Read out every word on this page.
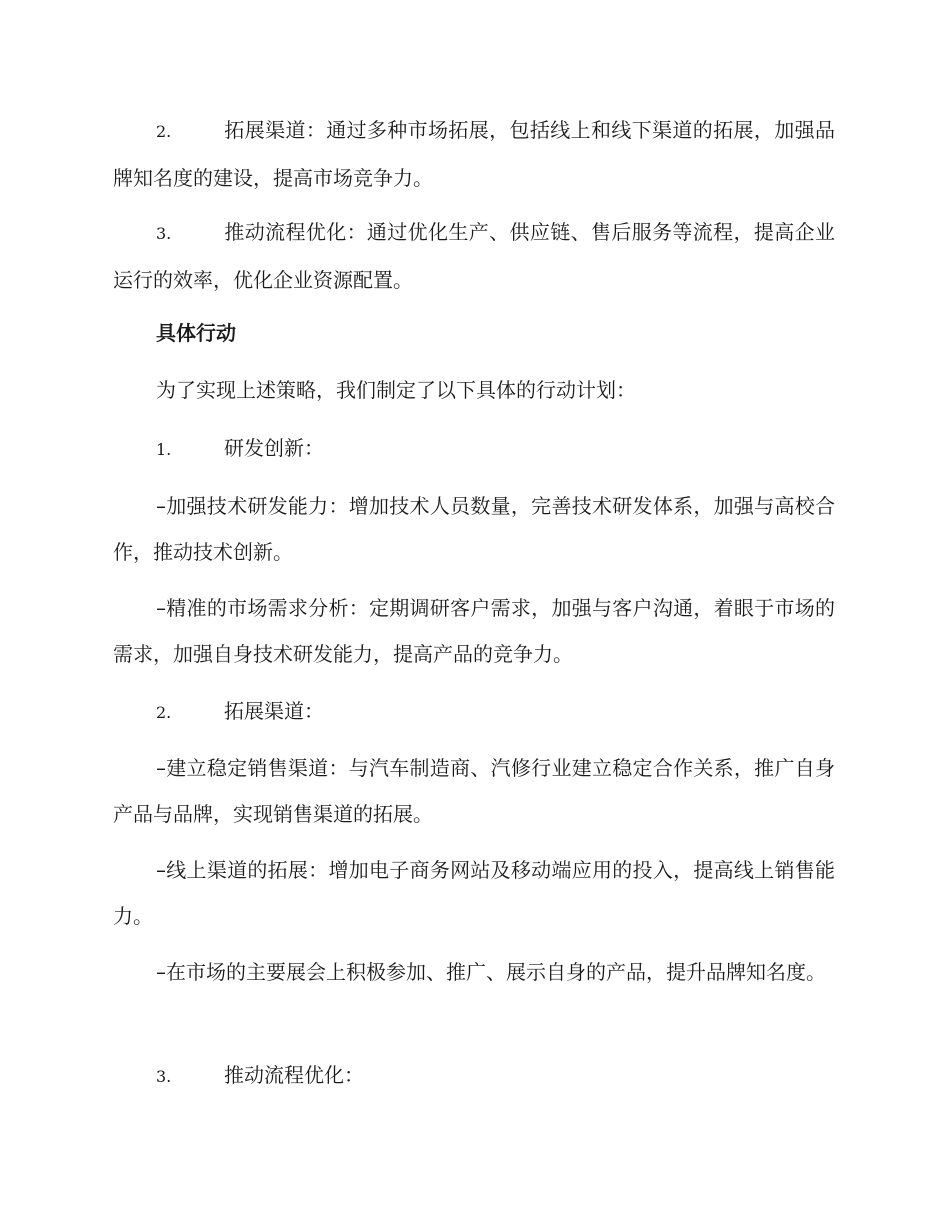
2.	拓展渠道：通过多种市场拓展，包括线上和线下渠道的拓展，加强品牌知名度的建设，提高市场竞争力。

3.	推动流程优化：通过优化生产、供应链、售后服务等流程，提高企业运行的效率，优化企业资源配置。

具体行动

为了实现上述策略，我们制定了以下具体的行动计划：

1.	研发创新：

–加强技术研发能力：增加技术人员数量，完善技术研发体系，加强与高校合作，推动技术创新。

–精准的市场需求分析：定期调研客户需求，加强与客户沟通，着眼于市场的需求，加强自身技术研发能力，提高产品的竞争力。

2.	拓展渠道：

–建立稳定销售渠道：与汽车制造商、汽修行业建立稳定合作关系，推广自身产品与品牌，实现销售渠道的拓展。

–线上渠道的拓展：增加电子商务网站及移动端应用的投入，提高线上销售能力。

–在市场的主要展会上积极参加、推广、展示自身的产品，提升品牌知名度。

3.	推动流程优化：
